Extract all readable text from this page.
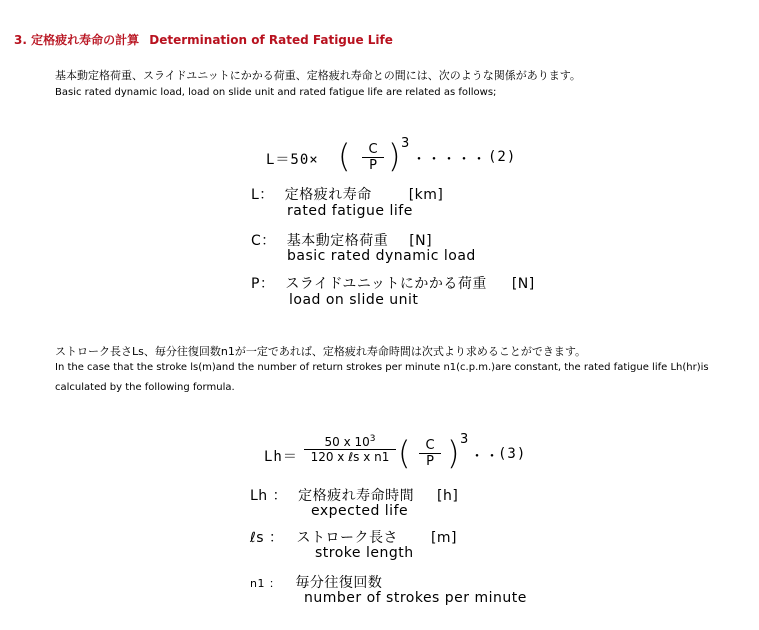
3. 定格疲れ寿命の計算 Determination of Rated Fatigue Life
基本動定格荷重、スライドユニットにかかる荷重、定格疲れ寿命との間には、次のような関係があります。
Basic rated dynamic load, load on slide unit and rated fatigue life are related as follows;
L＝50× (	C
P ) 3
・・・・・ (2)
L： 定格疲れ寿命	[km]
rated fatigue life
C： 基本動定格荷重 [N]
basic rated dynamic load
P： スライドユニットにかかる荷重 [N]
load on slide unit
ストローク長さLs、毎分往復回数n1が一定であれば、定格疲れ寿命時間は次式より求めることができます。
In the case that the stroke ls(m)and the number of return strokes per minute n1(c.p.m.)are constant, the rated fatigue life Lh(hr)is
calculated by the following formula.
Lh＝
50 x $10^3$
120 x ℓs x n1 (	C
P ) 3
・・
(3)
Lh ： 定格疲れ寿命時間 [h]
expected life
ℓs ： ストローク長さ [m]
stroke length
n1 ： 毎分往復回数
number of strokes per minute
